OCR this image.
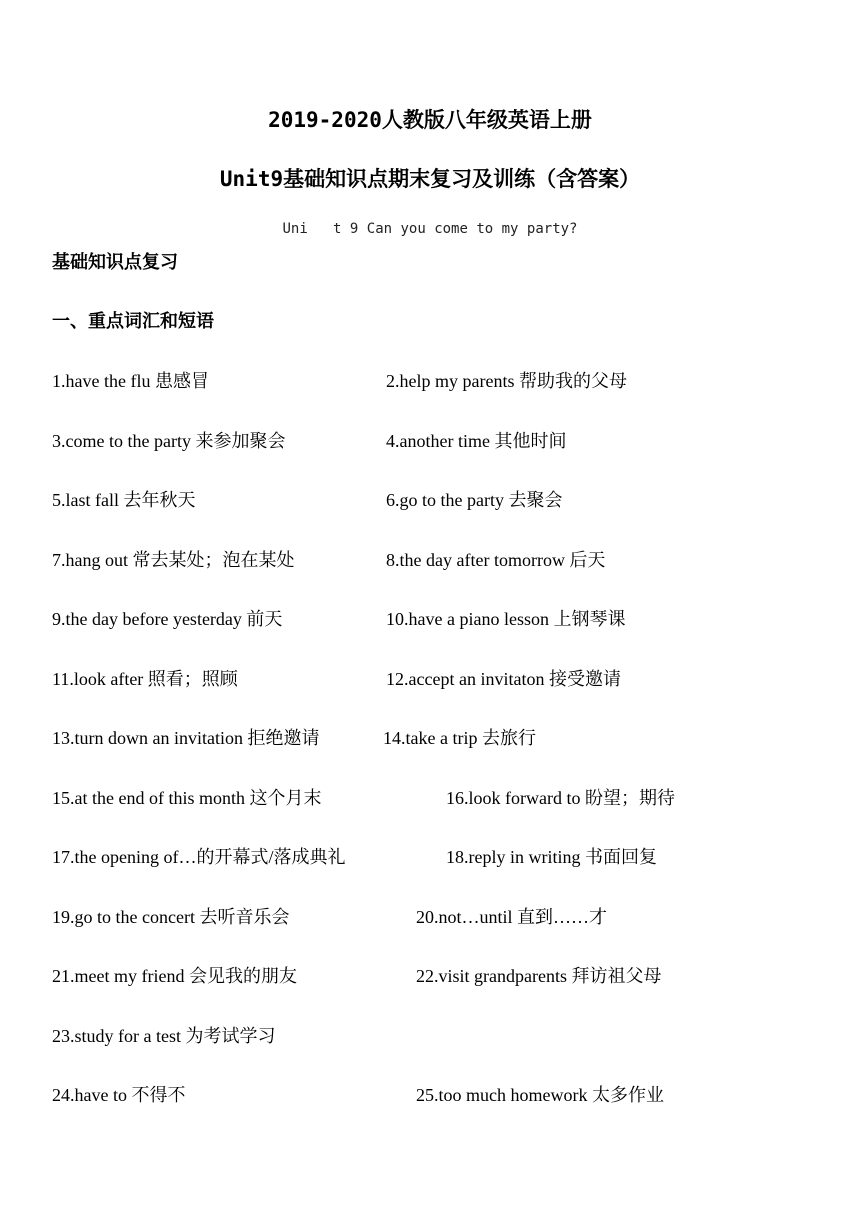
2019-2020人教版八年级英语上册
Unit9基础知识点期末复习及训练（含答案）
Uni   t 9 Can you come to my party?
基础知识点复习
一、重点词汇和短语
1.have the flu 患感冒	2.help my parents 帮助我的父母
3.come to the party 来参加聚会	4.another time 其他时间
5.last fall 去年秋天	6.go to the party 去聚会
7.hang out 常去某处；泡在某处	8.the day after tomorrow 后天
9.the day before yesterday 前天	10.have a piano lesson 上钢琴课
11.look after 照看；照顾	12.accept an invitaton 接受邀请
13.turn down an invitation 拒绝邀请	14.take a trip 去旅行
15.at the end of this month 这个月末	16.look forward to 盼望；期待
17.the opening of…的开幕式/落成典礼	18.reply in writing 书面回复
19.go to the concert 去听音乐会	20.not…until 直到……才
21.meet my friend 会见我的朋友	22.visit grandparents 拜访祖父母
23.study for a test 为考试学习
24.have to 不得不	25.too much homework 太多作业
